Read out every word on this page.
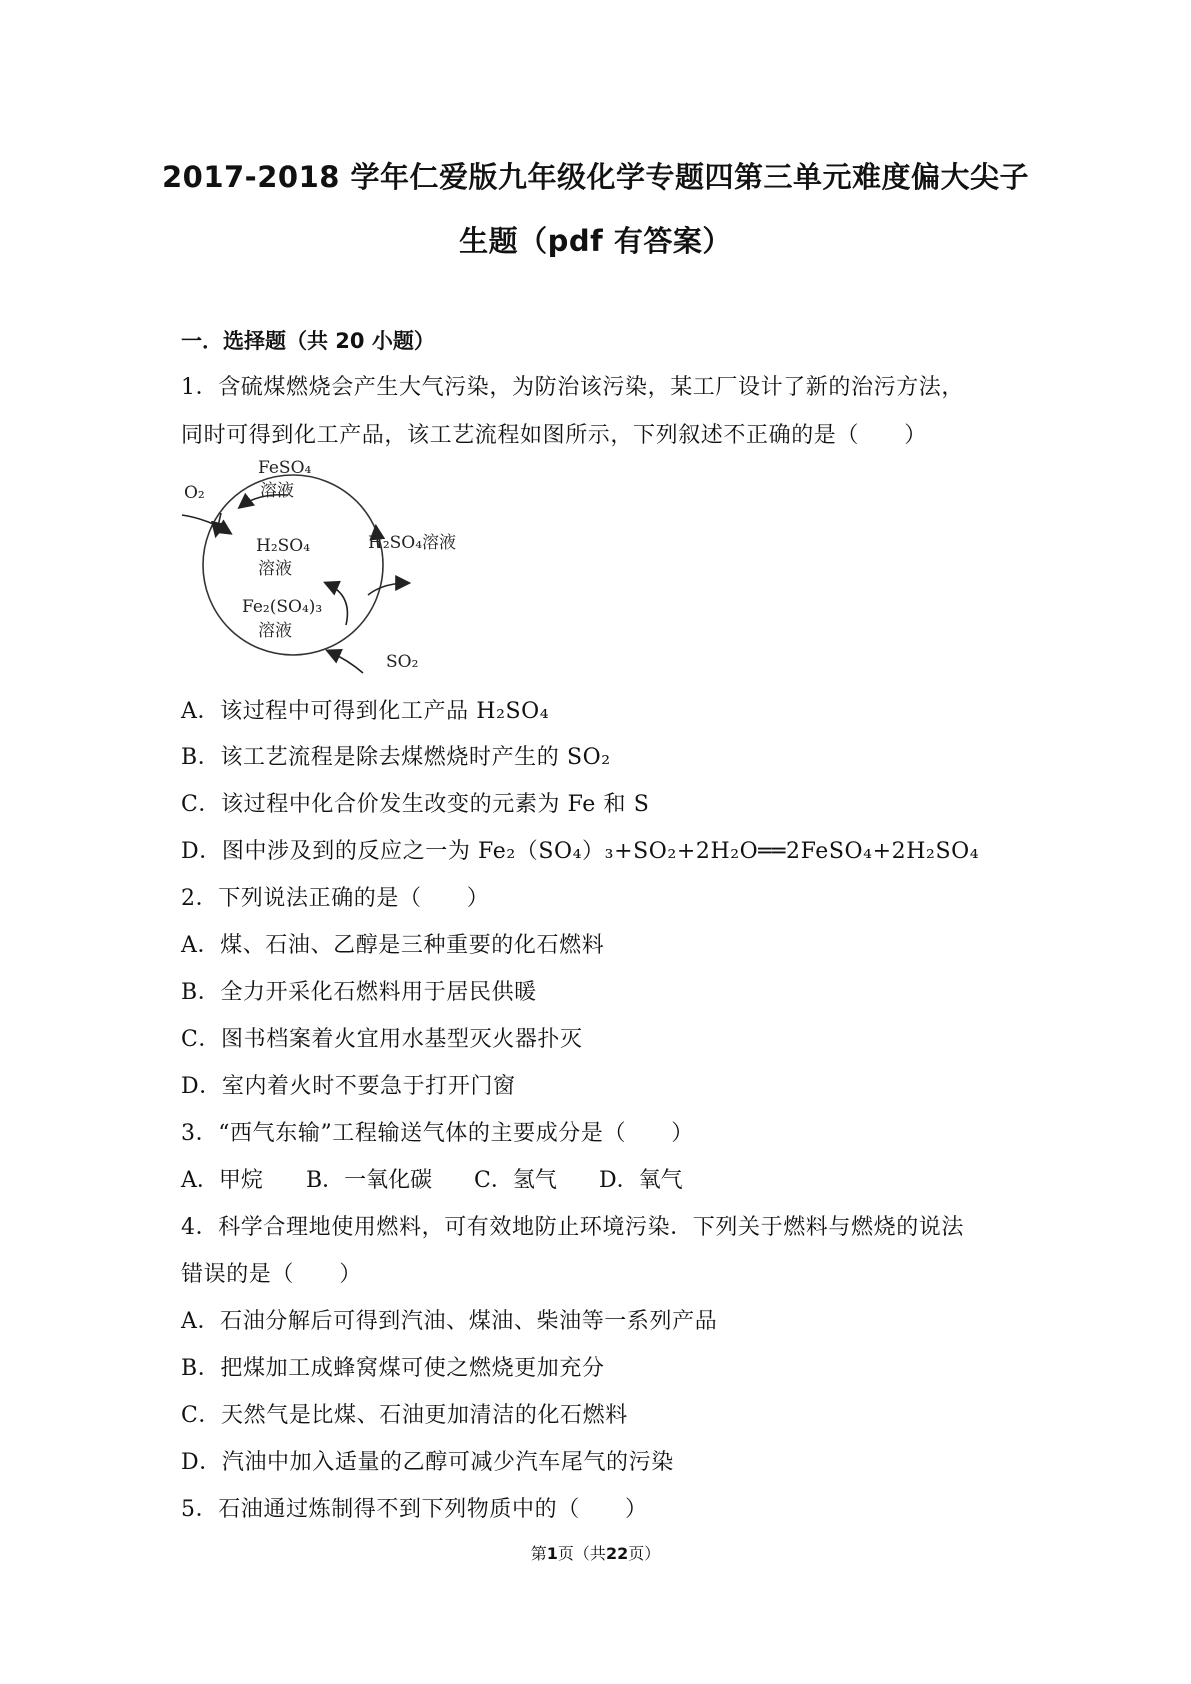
2017-2018 学年仁爱版九年级化学专题四第三单元难度偏大尖子
生题（pdf 有答案）
一．选择题（共 20 小题）
1．含硫煤燃烧会产生大气污染，为防治该污染，某工厂设计了新的治污方法，
同时可得到化工产品，该工艺流程如图所示，下列叙述不正确的是（　　）
FeSO₄
溶液
O₂
H₂SO₄
溶液
H₂SO₄溶液
Fe₂(SO₄)₃
溶液
SO₂
A．该过程中可得到化工产品 H₂SO₄
B．该工艺流程是除去煤燃烧时产生的 SO₂
C．该过程中化合价发生改变的元素为 Fe 和 S
D．图中涉及到的反应之一为 Fe₂（SO₄）₃+SO₂+2H₂O══2FeSO₄+2H₂SO₄
2．下列说法正确的是（　　）
A．煤、石油、乙醇是三种重要的化石燃料
B．全力开采化石燃料用于居民供暖
C．图书档案着火宜用水基型灭火器扑灭
D．室内着火时不要急于打开门窗
3．“西气东输”工程输送气体的主要成分是（　　）
A．甲烷 B．一氧化碳 C．氢气 D．氧气
4．科学合理地使用燃料，可有效地防止环境污染．下列关于燃料与燃烧的说法
错误的是（　　）
A．石油分解后可得到汽油、煤油、柴油等一系列产品
B．把煤加工成蜂窝煤可使之燃烧更加充分
C．天然气是比煤、石油更加清洁的化石燃料
D．汽油中加入适量的乙醇可减少汽车尾气的污染
5．石油通过炼制得不到下列物质中的（　　）
第1页（共22页）
